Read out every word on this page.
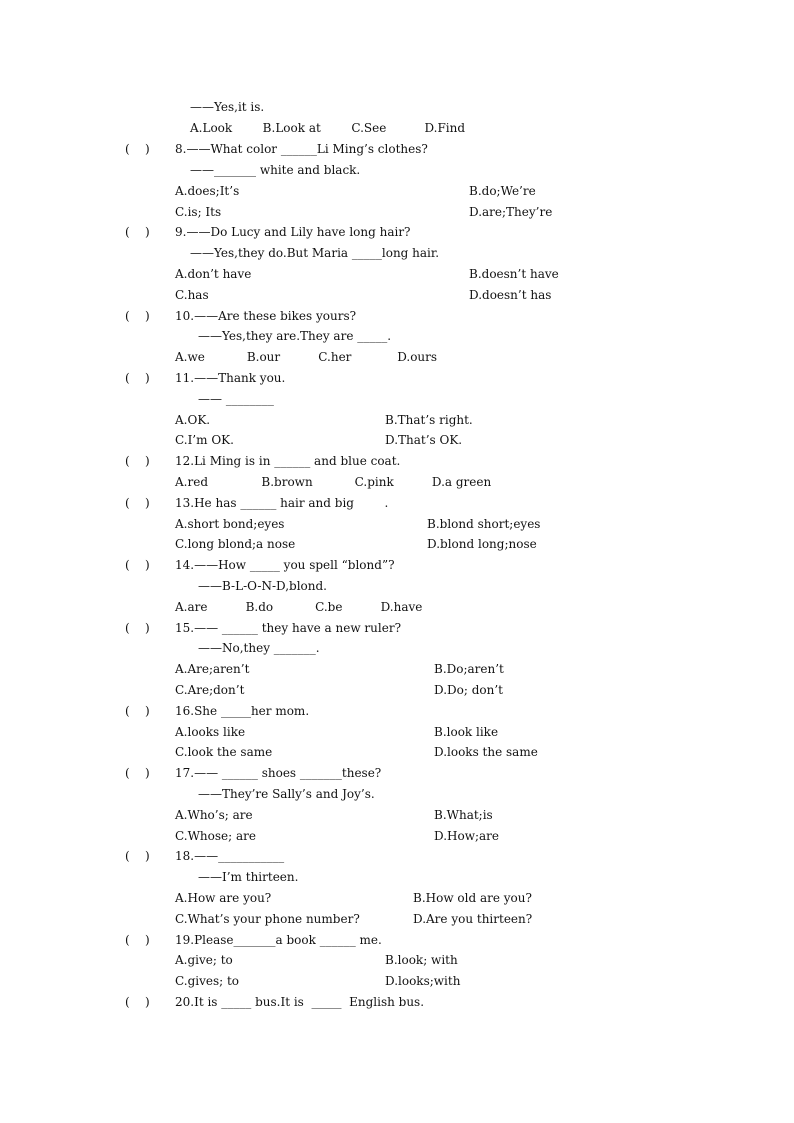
——Yes,it is.
A.Look        B.Look at        C.See          D.Find
(    ) 8.——What color ______Li Ming’s clothes?
——_______ white and black.
A.does;It’s	B.do;We’re
C.is; Its	D.are;They’re
(    ) 9.——Do Lucy and Lily have long hair?
——Yes,they do.But Maria _____long hair.
A.don’t have	B.doesn’t have
C.has	D.doesn’t has
(    ) 10.——Are these bikes yours?
——Yes,they are.They are _____.
A.we           B.our          C.her            D.ours
(    ) 11.——Thank you.
—— ________
A.OK.	B.That’s right.
C.I’m OK.	D.That’s OK.
(    ) 12.Li Ming is in ______ and blue coat.
A.red              B.brown           C.pink          D.a green
(    ) 13.He has ______ hair and big        .
A.short bond;eyes	B.blond short;eyes
C.long blond;a nose	D.blond long;nose
(    ) 14.——How _____ you spell “blond”?
——B-L-O-N-D,blond.
A.are          B.do           C.be          D.have
(    ) 15.—— ______ they have a new ruler?
——No,they _______.
A.Are;aren’t	B.Do;aren’t
C.Are;don’t	D.Do; don’t
(    ) 16.She _____her mom.
A.looks like	B.look like
C.look the same	D.looks the same
(    ) 17.—— ______ shoes _______these?
——They’re Sally’s and Joy’s.
A.Who’s; are	B.What;is
C.Whose; are	D.How;are
(    ) 18.——___________
——I’m thirteen.
A.How are you?	B.How old are you?
C.What’s your phone number?	D.Are you thirteen?
(    ) 19.Please_______a book ______ me.
A.give; to	B.look; with
C.gives; to	D.looks;with
(    ) 20.It is _____ bus.It is  _____  English bus.
